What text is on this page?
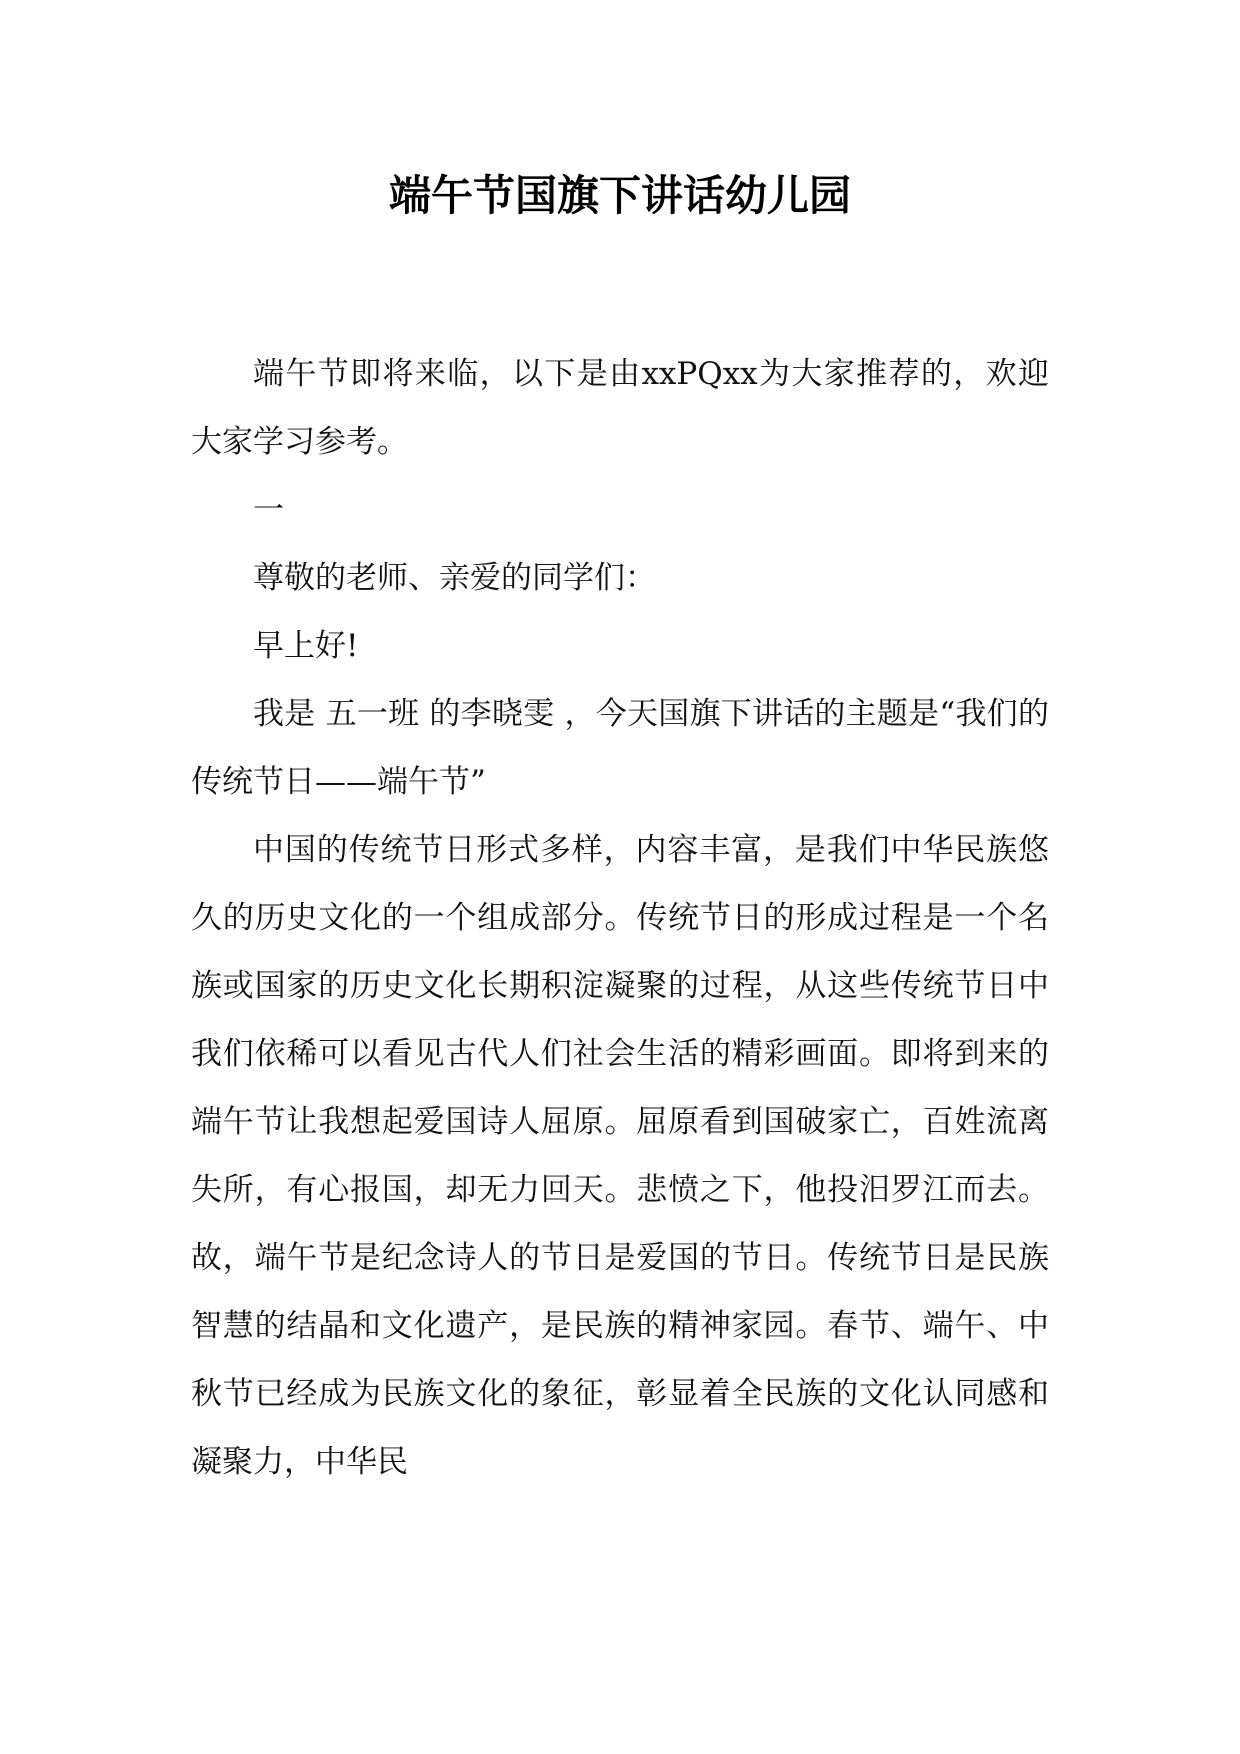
端午节国旗下讲话幼儿园

端午节即将来临，以下是由xxPQxx为大家推荐的，欢迎大家学习参考。

一

尊敬的老师、亲爱的同学们：

早上好!

我是 五一班 的李晓雯 ，今天国旗下讲话的主题是“我们的传统节日——端午节”

中国的传统节日形式多样，内容丰富，是我们中华民族悠久的历史文化的一个组成部分。传统节日的形成过程是一个名族或国家的历史文化长期积淀凝聚的过程，从这些传统节日中我们依稀可以看见古代人们社会生活的精彩画面。即将到来的端午节让我想起爱国诗人屈原。屈原看到国破家亡，百姓流离失所，有心报国，却无力回天。悲愤之下，他投汨罗江而去。故，端午节是纪念诗人的节日是爱国的节日。传统节日是民族智慧的结晶和文化遗产，是民族的精神家园。春节、端午、中秋节已经成为民族文化的象征，彰显着全民族的文化认同感和凝聚力，中华民
